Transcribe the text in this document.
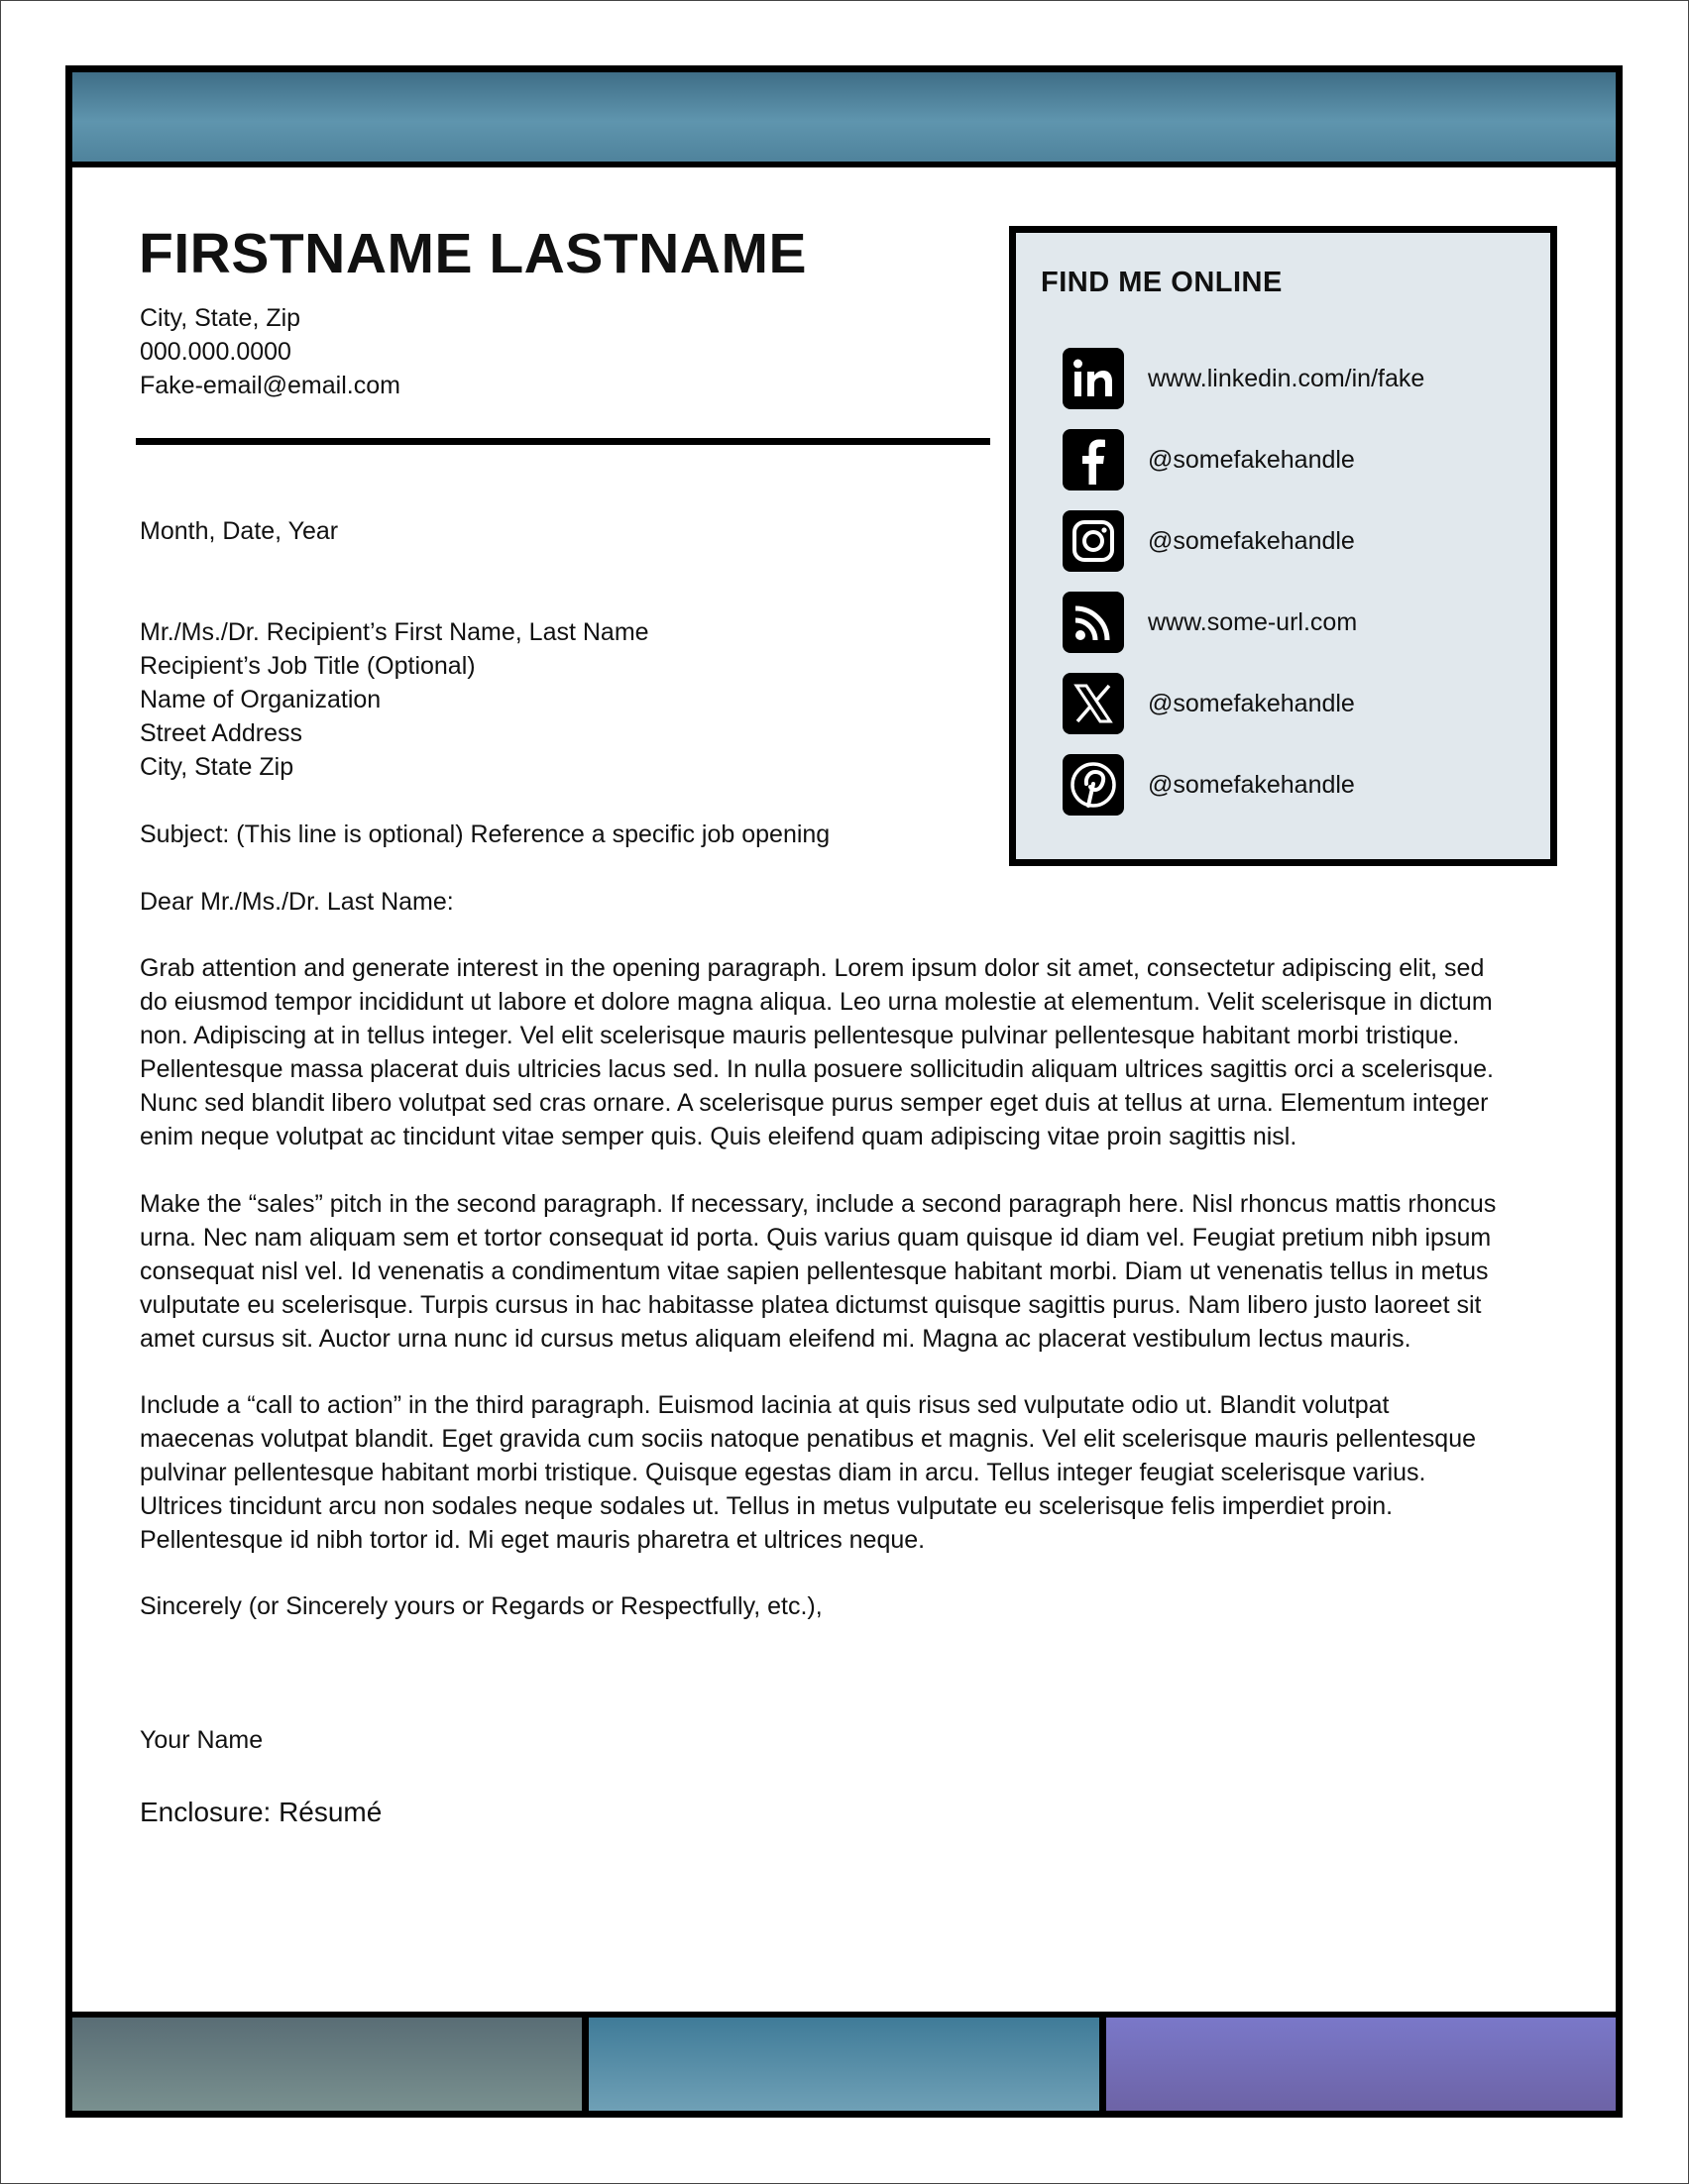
FIRSTNAME LASTNAME
City, State, Zip
000.000.0000
Fake-email@email.com
FIND ME ONLINE
www.linkedin.com/in/fake
@somefakehandle
@somefakehandle
www.some-url.com
@somefakehandle
@somefakehandle

Month, Date, Year

Mr./Ms./Dr. Recipient’s First Name, Last Name

Recipient’s Job Title (Optional)

Name of Organization

Street Address

City, State Zip

Subject: (This line is optional) Reference a specific job opening

Dear Mr./Ms./Dr. Last Name:

Grab attention and generate interest in the opening paragraph. Lorem ipsum dolor sit amet, consectetur adipiscing elit, sed

do eiusmod tempor incididunt ut labore et dolore magna aliqua. Leo urna molestie at elementum. Velit scelerisque in dictum

non. Adipiscing at in tellus integer. Vel elit scelerisque mauris pellentesque pulvinar pellentesque habitant morbi tristique.

Pellentesque massa placerat duis ultricies lacus sed. In nulla posuere sollicitudin aliquam ultrices sagittis orci a scelerisque.

Nunc sed blandit libero volutpat sed cras ornare. A scelerisque purus semper eget duis at tellus at urna. Elementum integer

enim neque volutpat ac tincidunt vitae semper quis. Quis eleifend quam adipiscing vitae proin sagittis nisl.

Make the “sales” pitch in the second paragraph. If necessary, include a second paragraph here. Nisl rhoncus mattis rhoncus

urna. Nec nam aliquam sem et tortor consequat id porta. Quis varius quam quisque id diam vel. Feugiat pretium nibh ipsum

consequat nisl vel. Id venenatis a condimentum vitae sapien pellentesque habitant morbi. Diam ut venenatis tellus in metus

vulputate eu scelerisque. Turpis cursus in hac habitasse platea dictumst quisque sagittis purus. Nam libero justo laoreet sit

amet cursus sit. Auctor urna nunc id cursus metus aliquam eleifend mi. Magna ac placerat vestibulum lectus mauris.

Include a “call to action” in the third paragraph. Euismod lacinia at quis risus sed vulputate odio ut. Blandit volutpat

maecenas volutpat blandit. Eget gravida cum sociis natoque penatibus et magnis. Vel elit scelerisque mauris pellentesque

pulvinar pellentesque habitant morbi tristique. Quisque egestas diam in arcu. Tellus integer feugiat scelerisque varius.

Ultrices tincidunt arcu non sodales neque sodales ut. Tellus in metus vulputate eu scelerisque felis imperdiet proin.

Pellentesque id nibh tortor id. Mi eget mauris pharetra et ultrices neque.

Sincerely (or Sincerely yours or Regards or Respectfully, etc.),

Your Name

Enclosure: Résumé
